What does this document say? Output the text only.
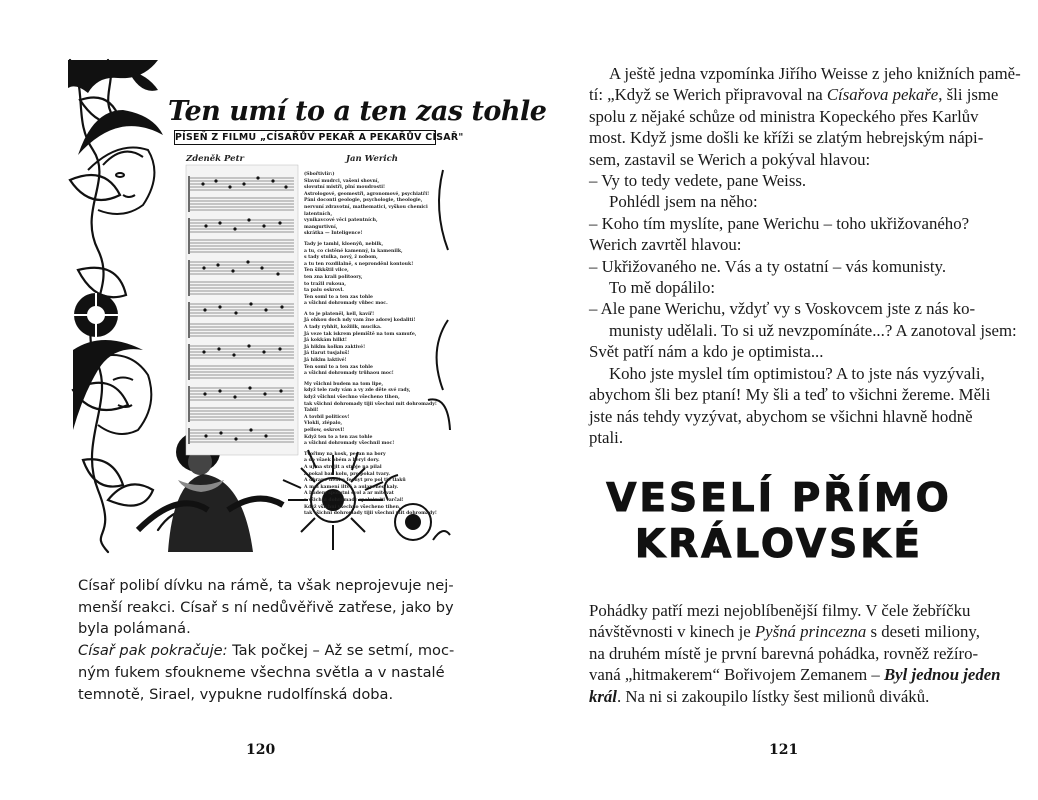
Ten umí to a ten zas tohle
PÍSEŇ Z FILMU „CÍSAŘŮV PEKAŘ A PEKAŘŮV CÍSAŘ"
Zdeněk Petr	Jan Werich
(Sbořtivlír:)
Slavní mudrci, vašeni shovní,
slovutní mistři, plní moudrosti!
Astrologové, geomestři, agronomové, psychiatři!
Páni doconti geologie, psychologie, theologie,
nervuní zdravotní, mathematici, vyškou chemici
latentních,
vynikavcové věci patentních,
mangurtivní,
skrátka — Inteligence!
Tady je tamhl, kloenýů, nebilk,
a tu, co cistěné kamenný, la kamenilk,
s tady stulka, nový, ž nobom,
a tu ten rozdilalně, s nepronděnl kontouk!
Ten šikkštil vilce,
ten zna krali politoory,
to tražil rukoua,
ta palu oskrovl.
Ten soml to a ten zas tohle
a všichni dohromady vůbec moc.
A to je plateněl, kell, kavíř!
Já ohkou doch ndy vam žne adorej kodaliti!
A tady ryhhit, kožiilk, mucika.
Já veze tak iskrem plemiště na tom samuťe,
Já kokkám hilkt!
Já hiklm kolkm zaktivé!
Já tlarut tusjaluš!
Já hiklm laktivé!
Ten soml to a ten zas tohle
a všichni dohromady trůhaou moc!
My všichni budem na tom lipe,
když tele rady vám a vy zde děte své rady,
když všichni všechno všecheno tihen,
tak všichni dohromady tijii všechni mit dohromady!
Tabil!
A tovbil politicov!
Vlokli, zlépalo,
pellow, oskrovl!
Když ten to a ten zas tohle
a všichni dohromady všechnil moc!
Tvořimy na kosk, pecan na bory
a do všaek obém a beryl dory.
A uj na strujit a stroje na pilal
a pokal ban kolu, pro pokal tvary.
A dbrane ileni a feenyt pro pol tie tlaků
A mai kamení iltvé a aulapeneo kaly.
A budem spolutni svol a ar mitovat
a všichni dohromady spoluimiti tarčal!
Když všichni všechno všecheno tihen,
tak všichni dohromady tijii všechni mit dohromady!
Císař polibí dívku na rámě, ta však neprojevuje nej-
menší reakci. Císař s ní nedůvěřivě zatřese, jako by
byla polámaná.
Císař pak pokračuje: Tak počkej – Až se setmí, moc-
ným fukem sfoukneme všechna světla a v nastalé
temnotě, Sirael, vypukne rudolfínská doba.
120
A ještě jedna vzpomínka Jiřího Weisse z jeho knižních pamě-
tí: „Když se Werich připravoval na Císařova pekaře, šli jsme
spolu z nějaké schůze od ministra Kopeckého přes Karlův
most. Když jsme došli ke kříži se zlatým hebrejským nápi-
sem, zastavil se Werich a pokýval hlavou:
– Vy to tedy vedete, pane Weiss.
Pohlédl jsem na něho:
– Koho tím myslíte, pane Werichu – toho ukřižovaného?
Werich zavrtěl hlavou:
– Ukřižovaného ne. Vás a ty ostatní – vás komunisty.
To mě dopálilo:
– Ale pane Werichu, vždyť vy s Voskovcem jste z nás ko-
munisty udělali. To si už nevzpomínáte...? A zanotoval jsem:
Svět patří nám a kdo je optimista...
Koho jste myslel tím optimistou? A to jste nás vyzývali,
abychom šli bez ptaní! My šli a teď to všichni žereme. Měli
jste nás tehdy vyzývat, abychom se všichni hlavně hodně
ptali.
VESELÍ PŘÍMO
KRÁLOVSKÉ
Pohádky patří mezi nejoblíbenější filmy. V čele žebříčku
návštěvnosti v kinech je Pyšná princezna s deseti miliony,
na druhém místě je první barevná pohádka, rovněž režíro-
vaná „hitmakerem“ Bořivojem Zemanem – Byl jednou jeden
král. Na ni si zakoupilo lístky šest milionů diváků.
121
